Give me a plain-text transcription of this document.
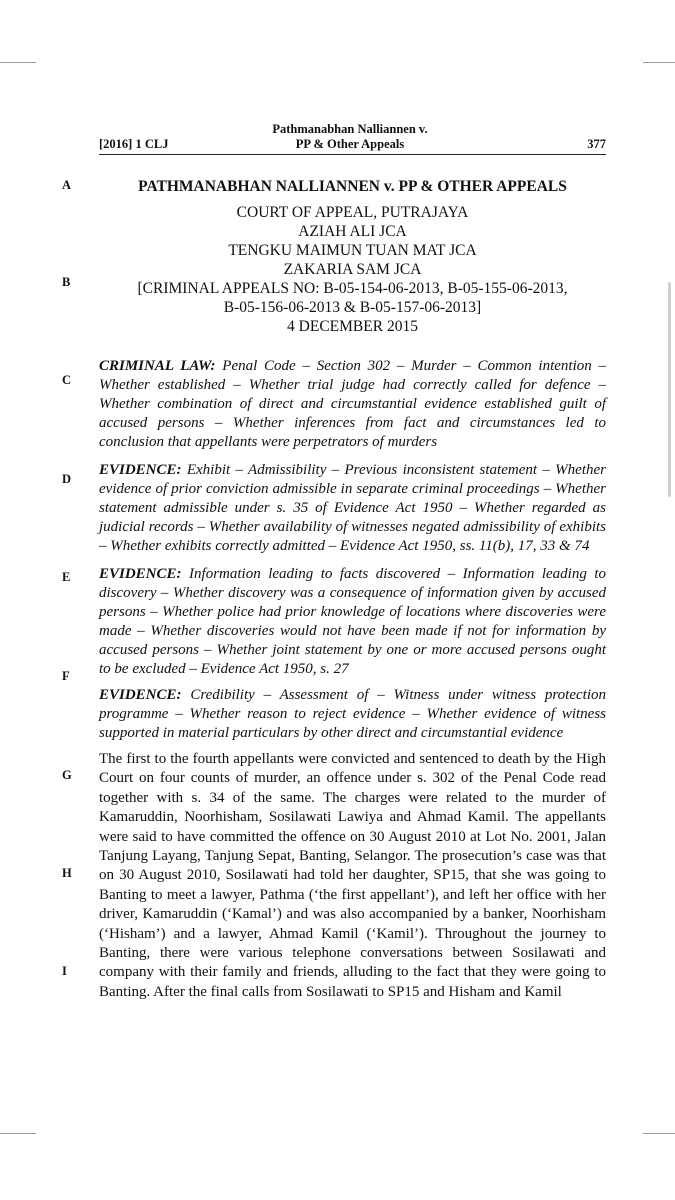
Pathmanabhan Nalliannen v.
PP & Other Appeals
[2016] 1 CLJ	377
A
B
C
D
E
F
G
H
I
PATHMANABHAN NALLIANNEN v. PP & OTHER APPEALS
COURT OF APPEAL, PUTRAJAYA
AZIAH ALI JCA
TENGKU MAIMUN TUAN MAT JCA
ZAKARIA SAM JCA
[CRIMINAL APPEALS NO: B-05-154-06-2013, B-05-155-06-2013,
B-05-156-06-2013 & B-05-157-06-2013]
4 DECEMBER 2015
CRIMINAL LAW: Penal Code – Section 302 – Murder – Common intention – Whether established – Whether trial judge had correctly called for defence – Whether combination of direct and circumstantial evidence established guilt of accused persons – Whether inferences from fact and circumstances led to conclusion that appellants were perpetrators of murders
EVIDENCE: Exhibit – Admissibility – Previous inconsistent statement – Whether evidence of prior conviction admissible in separate criminal proceedings – Whether statement admissible under s. 35 of Evidence Act 1950 – Whether regarded as judicial records – Whether availability of witnesses negated admissibility of exhibits – Whether exhibits correctly admitted – Evidence Act 1950, ss. 11(b), 17, 33 & 74
EVIDENCE: Information leading to facts discovered – Information leading to discovery – Whether discovery was a consequence of information given by accused persons – Whether police had prior knowledge of locations where discoveries were made – Whether discoveries would not have been made if not for information by accused persons – Whether joint statement by one or more accused persons ought to be excluded – Evidence Act 1950, s. 27
EVIDENCE: Credibility – Assessment of – Witness under witness protection programme – Whether reason to reject evidence – Whether evidence of witness supported in material particulars by other direct and circumstantial evidence
The first to the fourth appellants were convicted and sentenced to death by the High Court on four counts of murder, an offence under s. 302 of the Penal Code read together with s. 34 of the same. The charges were related to the murder of Kamaruddin, Noorhisham, Sosilawati Lawiya and Ahmad Kamil. The appellants were said to have committed the offence on 30 August 2010 at Lot No. 2001, Jalan Tanjung Layang, Tanjung Sepat, Banting, Selangor. The prosecution’s case was that on 30 August 2010, Sosilawati had told her daughter, SP15, that she was going to Banting to meet a lawyer, Pathma (‘the first appellant’), and left her office with her driver, Kamaruddin (‘Kamal’) and was also accompanied by a banker, Noorhisham (‘Hisham’) and a lawyer, Ahmad Kamil (‘Kamil’). Throughout the journey to Banting, there were various telephone conversations between Sosilawati and company with their family and friends, alluding to the fact that they were going to Banting. After the final calls from Sosilawati to SP15 and Hisham and Kamil
